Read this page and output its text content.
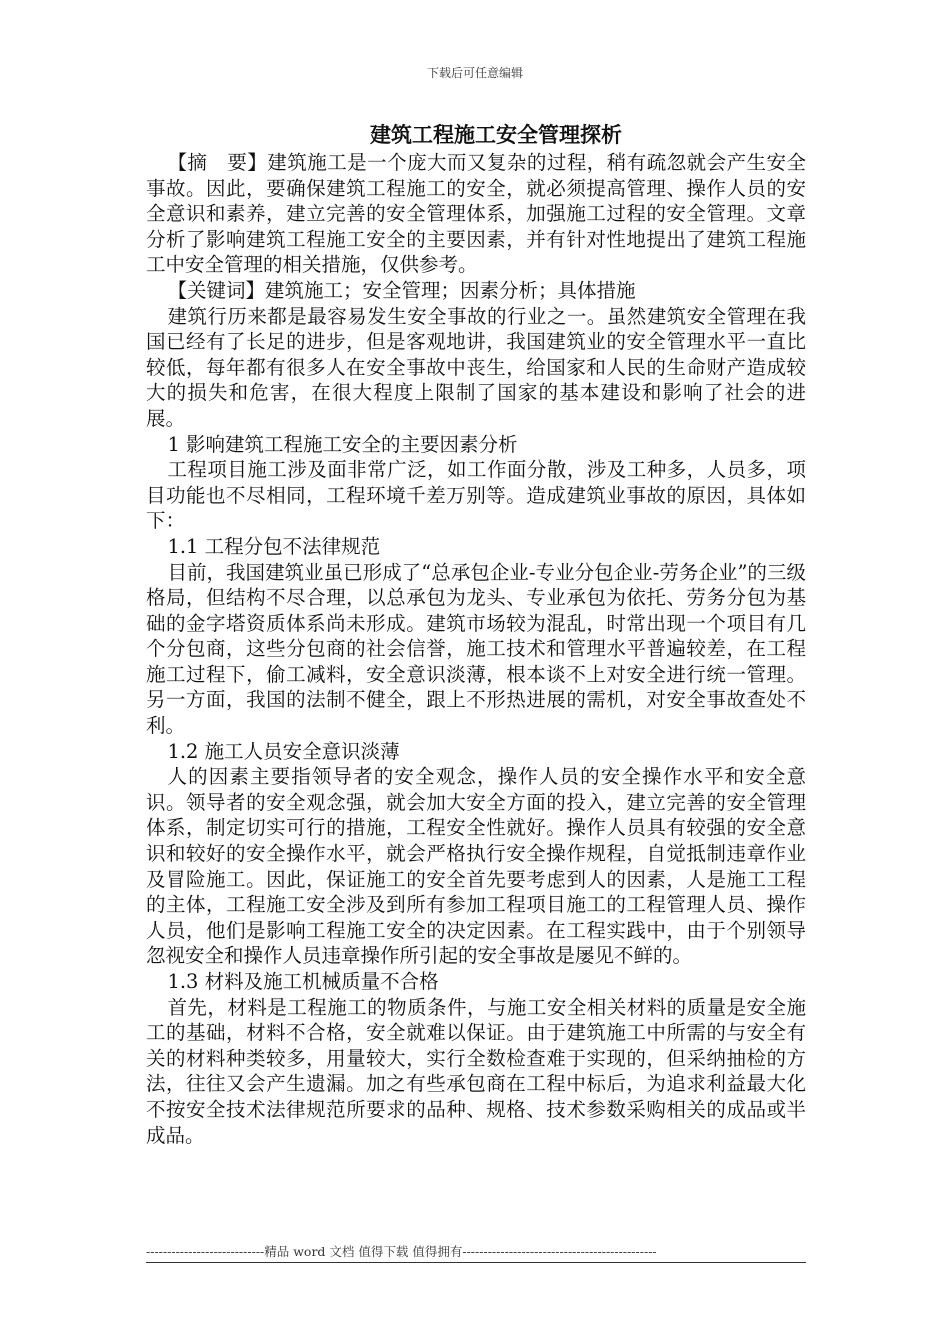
下载后可任意编辑
建筑工程施工安全管理探析

【摘　要】建筑施工是一个庞大而又复杂的过程，稍有疏忽就会产生安全事故。因此，要确保建筑工程施工的安全，就必须提高管理、操作人员的安全意识和素养，建立完善的安全管理体系，加强施工过程的安全管理。文章分析了影响建筑工程施工安全的主要因素，并有针对性地提出了建筑工程施工中安全管理的相关措施，仅供参考。

【关键词】建筑施工；安全管理；因素分析；具体措施

建筑行历来都是最容易发生安全事故的行业之一。虽然建筑安全管理在我国已经有了长足的进步，但是客观地讲，我国建筑业的安全管理水平一直比较低，每年都有很多人在安全事故中丧生，给国家和人民的生命财产造成较大的损失和危害，在很大程度上限制了国家的基本建设和影响了社会的进展。

1 影响建筑工程施工安全的主要因素分析

工程项目施工涉及面非常广泛，如工作面分散，涉及工种多，人员多，项目功能也不尽相同，工程环境千差万别等。造成建筑业事故的原因，具体如下：

1.1 工程分包不法律规范

目前，我国建筑业虽已形成了“总承包企业-专业分包企业-劳务企业”的三级格局，但结构不尽合理，以总承包为龙头、专业承包为依托、劳务分包为基础的金字塔资质体系尚未形成。建筑市场较为混乱，时常出现一个项目有几个分包商，这些分包商的社会信誉，施工技术和管理水平普遍较差，在工程施工过程下，偷工减料，安全意识淡薄，根本谈不上对安全进行统一管理。另一方面，我国的法制不健全，跟上不形热进展的需机，对安全事故查处不利。

1.2 施工人员安全意识淡薄

人的因素主要指领导者的安全观念，操作人员的安全操作水平和安全意识。领导者的安全观念强，就会加大安全方面的投入，建立完善的安全管理体系，制定切实可行的措施，工程安全性就好。操作人员具有较强的安全意识和较好的安全操作水平，就会严格执行安全操作规程，自觉抵制违章作业及冒险施工。因此，保证施工的安全首先要考虑到人的因素，人是施工工程的主体，工程施工安全涉及到所有参加工程项目施工的工程管理人员、操作人员，他们是影响工程施工安全的决定因素。在工程实践中，由于个别领导忽视安全和操作人员违章操作所引起的安全事故是屡见不鲜的。

1.3 材料及施工机械质量不合格

首先，材料是工程施工的物质条件，与施工安全相关材料的质量是安全施工的基础，材料不合格，安全就难以保证。由于建筑施工中所需的与安全有关的材料种类较多，用量较大，实行全数检查难于实现的，但采纳抽检的方法，往往又会产生遗漏。加之有些承包商在工程中标后，为追求利益最大化不按安全技术法律规范所要求的品种、规格、技术参数采购相关的成品或半成品。

----------------------------精品 word 文档 值得下载 值得拥有----------------------------------------------
